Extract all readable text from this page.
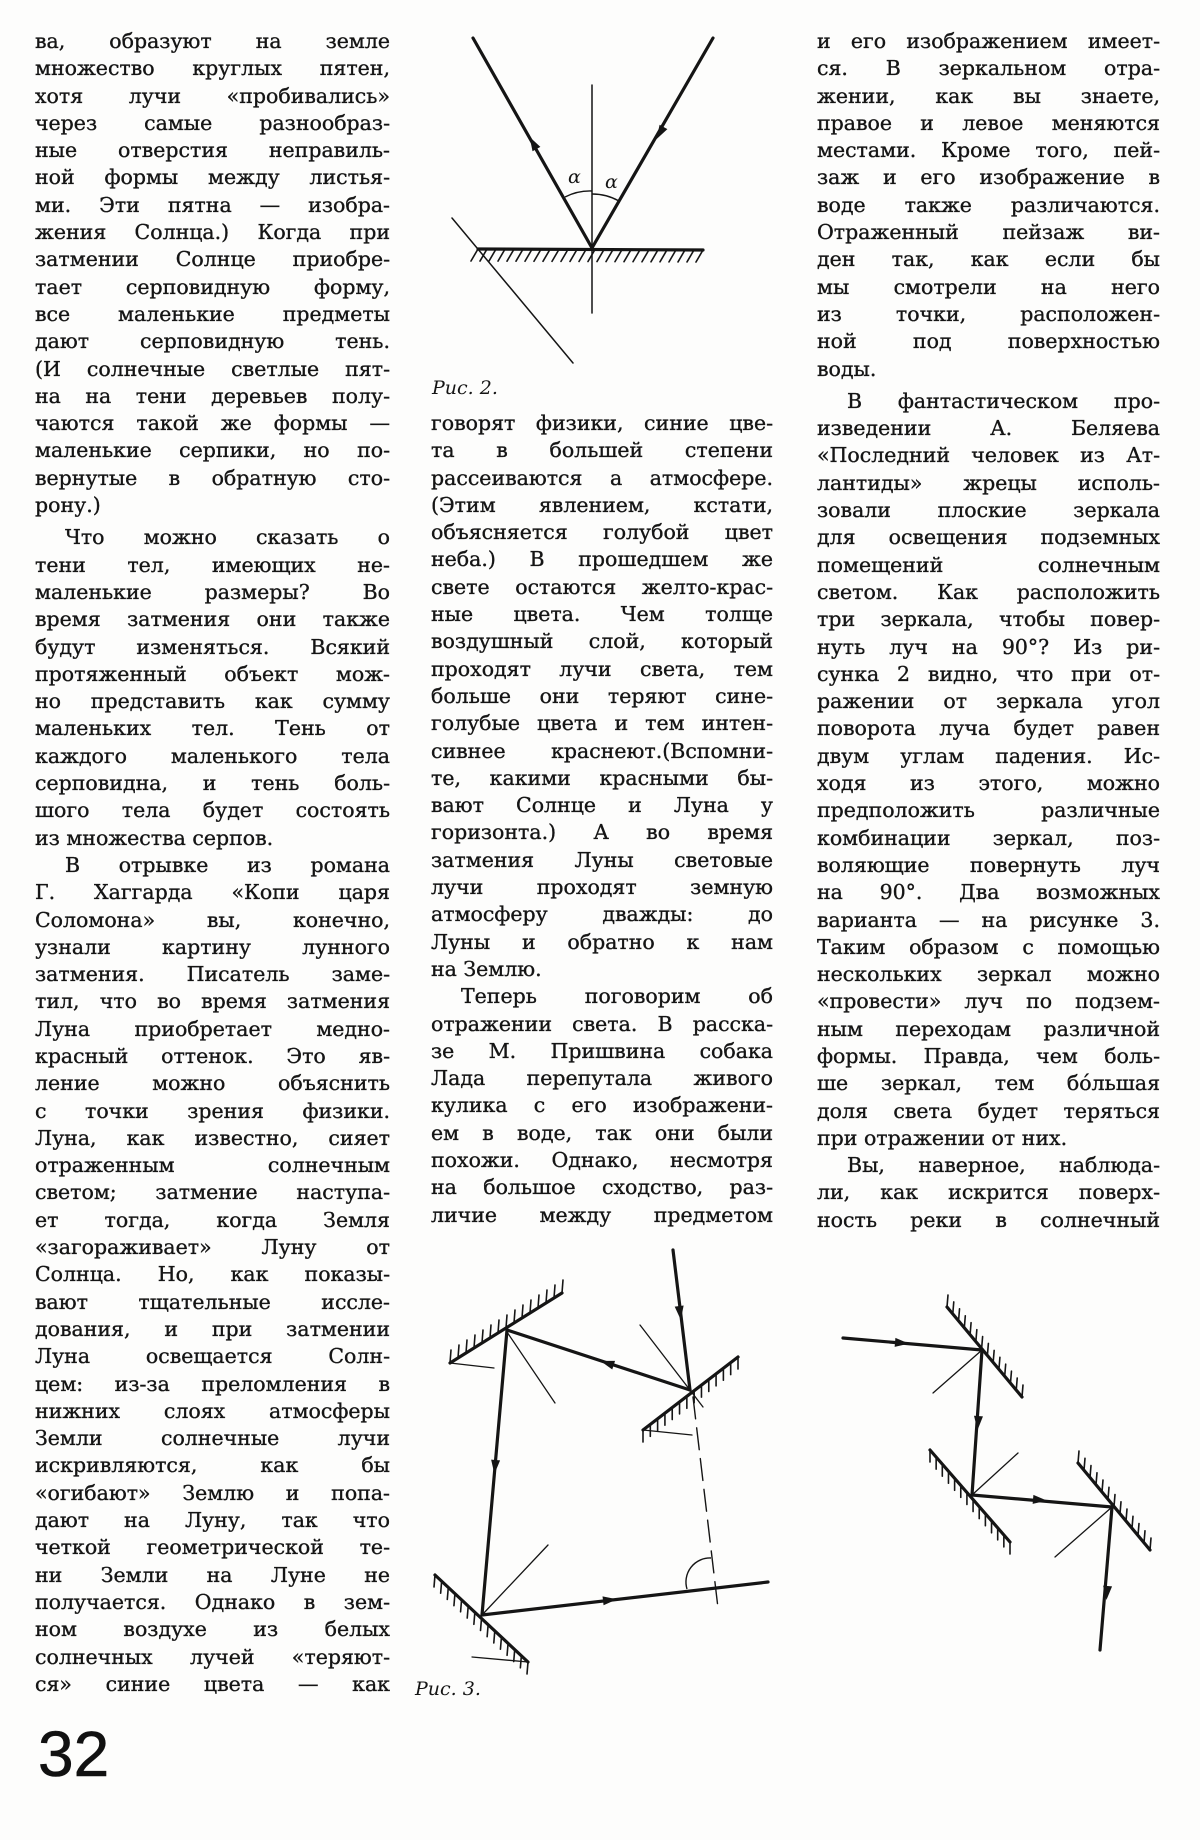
ва, образуют на земле
множество круглых пятен,
хотя лучи «пробивались»
через самые разнообраз-
ные отверстия неправиль-
ной формы между листья-
ми. Эти пятна — изобра-
жения Солнца.) Когда при
затмении Солнце приобре-
тает серповидную форму,
все маленькие предметы
дают серповидную тень.
(И солнечные светлые пят-
на на тени деревьев полу-
чаются такой же формы —
маленькие серпики, но по-
вернутые в обратную сто-
рону.)
Что можно сказать о
тени тел, имеющих не-
маленькие размеры? Во
время затмения они также
будут изменяться. Всякий
протяженный объект мож-
но представить как сумму
маленьких тел. Тень от
каждого маленького тела
серповидна, и тень боль-
шого тела будет состоять
из множества серпов.
В отрывке из романа
Г. Хаггарда «Копи царя
Соломона» вы, конечно,
узнали картину лунного
затмения. Писатель заме-
тил, что во время затмения
Луна приобретает медно-
красный оттенок. Это яв-
ление можно объяснить
с точки зрения физики.
Луна, как известно, сияет
отраженным солнечным
светом; затмение наступа-
ет тогда, когда Земля
«загораживает» Луну от
Солнца. Но, как показы-
вают тщательные иссле-
дования, и при затмении
Луна освещается Солн-
цем: из-за преломления в
нижних слоях атмосферы
Земли солнечные лучи
искривляются, как бы
«огибают» Землю и попа-
дают на Луну, так что
четкой геометрической те-
ни Земли на Луне не
получается. Однако в зем-
ном воздухе из белых
солнечных лучей «теряют-
ся» синие цвета — как
говорят физики, синие цве-
та в большей степени
рассеиваются а атмосфере.
(Этим явлением, кстати,
объясняется голубой цвет
неба.) В прошедшем же
свете остаются желто-крас-
ные цвета. Чем толще
воздушный слой, который
проходят лучи света, тем
больше они теряют сине-
голубые цвета и тем интен-
сивнее краснеют.(Вспомни-
те, какими красными бы-
вают Солнце и Луна у
горизонта.) А во время
затмения Луны световые
лучи проходят земную
атмосферу дважды: до
Луны и обратно к нам
на Землю.
Теперь поговорим об
отражении света. В расска-
зе М. Пришвина собака
Лада перепутала живого
кулика с его изображени-
ем в воде, так они были
похожи. Однако, несмотря
на большое сходство, раз-
личие между предметом
и его изображением имеет-
ся. В зеркальном отра-
жении, как вы знаете,
правое и левое меняются
местами. Кроме того, пей-
заж и его изображение в
воде также различаются.
Отраженный пейзаж ви-
ден так, как если бы
мы смотрели на него
из точки, расположен-
ной под поверхностью
воды.
В фантастическом про-
изведении А. Беляева
«Последний человек из Ат-
лантиды» жрецы исполь-
зовали плоские зеркала
для освещения подземных
помещений солнечным
светом. Как расположить
три зеркала, чтобы повер-
нуть луч на 90°? Из ри-
сунка 2 видно, что при от-
ражении от зеркала угол
поворота луча будет равен
двум углам падения. Ис-
ходя из этого, можно
предположить различные
комбинации зеркал, поз-
воляющие повернуть луч
на 90°. Два возможных
варианта — на рисунке 3.
Таким образом с помощью
нескольких зеркал можно
«провести» луч по подзем-
ным переходам различной
формы. Правда, чем боль-
ше зеркал, тем бóльшая
доля света будет теряться
при отражении от них.
Вы, наверное, наблюда-
ли, как искрится поверх-
ность реки в солнечный
α α
Рис. 2.
Рис. 3.
32
